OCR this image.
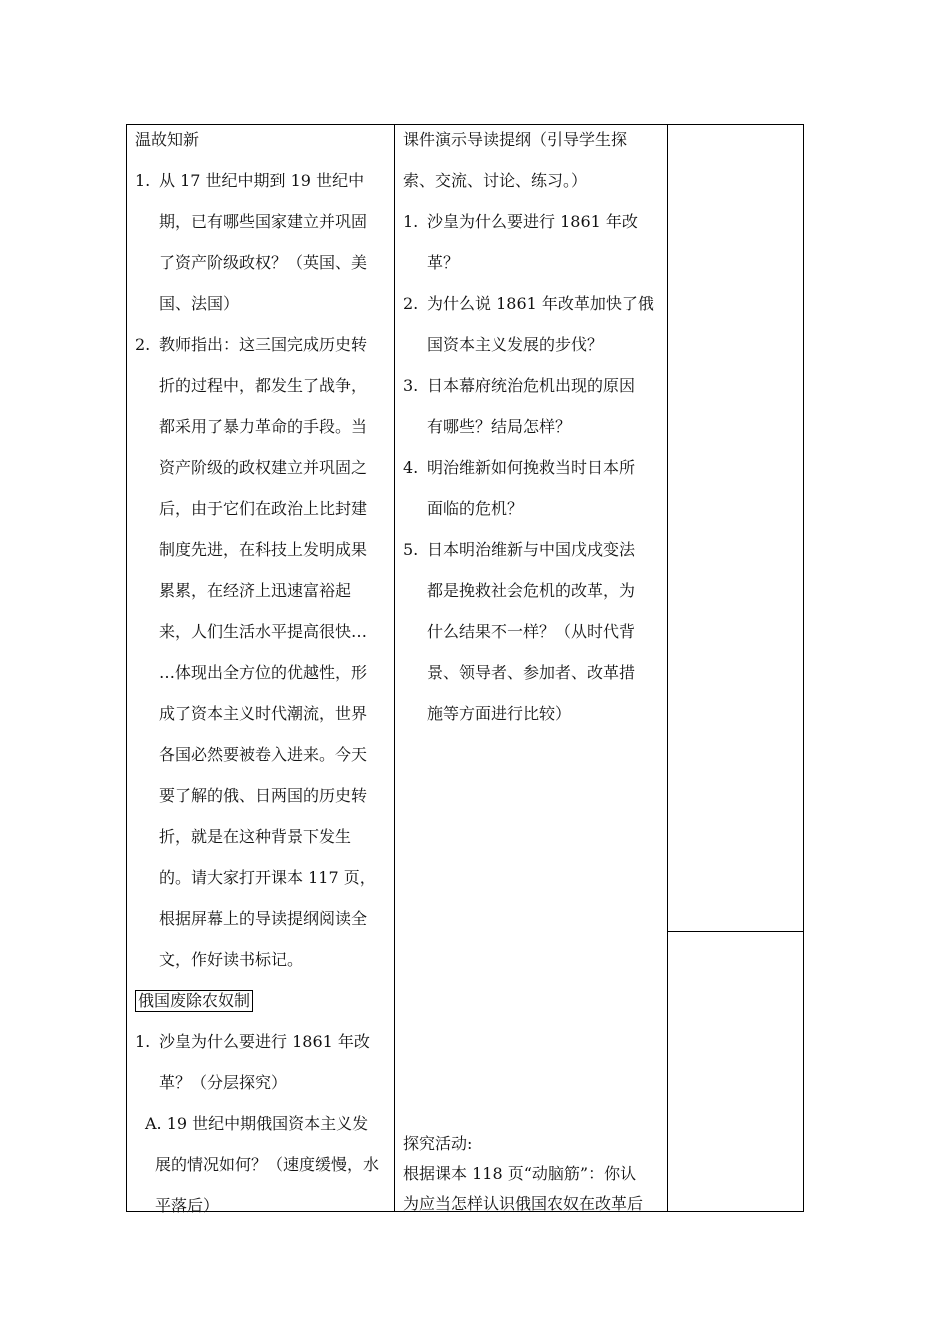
温故知新

1. 从 17 世纪中期到 19 世纪中

期，已有哪些国家建立并巩固

了资产阶级政权？（英国、美

国、法国）

2. 教师指出：这三国完成历史转

折的过程中，都发生了战争，

都采用了暴力革命的手段。当

资产阶级的政权建立并巩固之

后，由于它们在政治上比封建

制度先进，在科技上发明成果

累累，在经济上迅速富裕起

来，人们生活水平提高很快…

…体现出全方位的优越性，形

成了资本主义时代潮流，世界

各国必然要被卷入进来。今天

要了解的俄、日两国的历史转

折，就是在这种背景下发生

的。请大家打开课本 117 页，

根据屏幕上的导读提纲阅读全

文，作好读书标记。

俄国废除农奴制

1. 沙皇为什么要进行 1861 年改

革？（分层探究）

A. 19 世纪中期俄国资本主义发

展的情况如何？（速度缓慢，水

平落后）

课件演示导读提纲（引导学生探

索、交流、讨论、练习。）

1. 沙皇为什么要进行 1861 年改

革？

2. 为什么说 1861 年改革加快了俄

国资本主义发展的步伐？

3. 日本幕府统治危机出现的原因

有哪些？结局怎样？

4. 明治维新如何挽救当时日本所

面临的危机？

5. 日本明治维新与中国戊戌变法

都是挽救社会危机的改革，为

什么结果不一样？（从时代背

景、领导者、参加者、改革措

施等方面进行比较）

探究活动:

根据课本 118 页“动脑筋”：你认

为应当怎样认识俄国农奴在改革后
